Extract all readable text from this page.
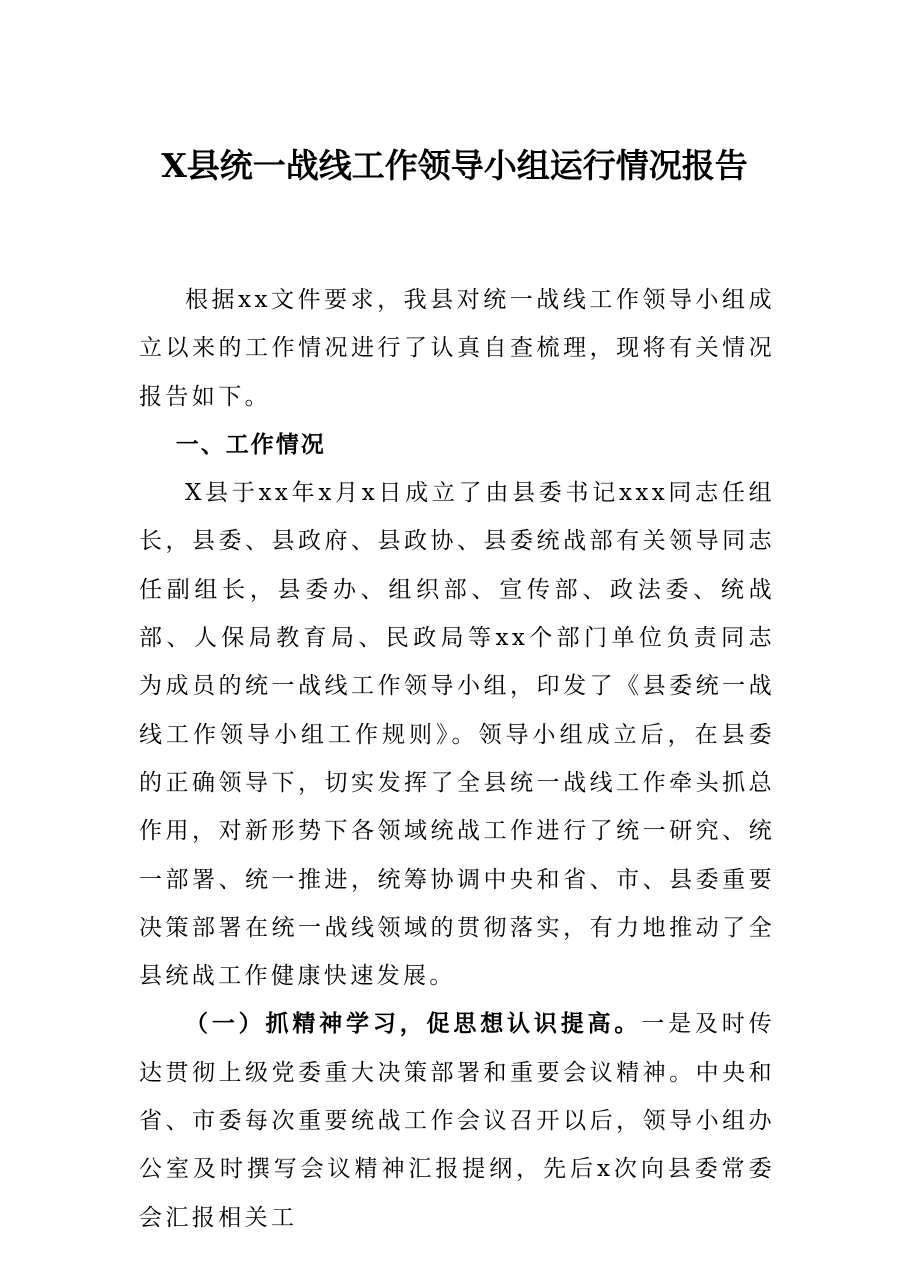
X县统一战线工作领导小组运行情况报告

根据xx文件要求，我县对统一战线工作领导小组成立以来的工作情况进行了认真自查梳理，现将有关情况报告如下。

一、工作情况

X县于xx年x月x日成立了由县委书记xxx同志任组长，县委、县政府、县政协、县委统战部有关领导同志任副组长，县委办、组织部、宣传部、政法委、统战部、人保局教育局、民政局等xx个部门单位负责同志为成员的统一战线工作领导小组，印发了《县委统一战线工作领导小组工作规则》。领导小组成立后，在县委的正确领导下，切实发挥了全县统一战线工作牵头抓总作用，对新形势下各领域统战工作进行了统一研究、统一部署、统一推进，统筹协调中央和省、市、县委重要决策部署在统一战线领域的贯彻落实，有力地推动了全县统战工作健康快速发展。

（一）抓精神学习，促思想认识提高。一是及时传达贯彻上级党委重大决策部署和重要会议精神。中央和省、市委每次重要统战工作会议召开以后，领导小组办公室及时撰写会议精神汇报提纲，先后x次向县委常委会汇报相关工
